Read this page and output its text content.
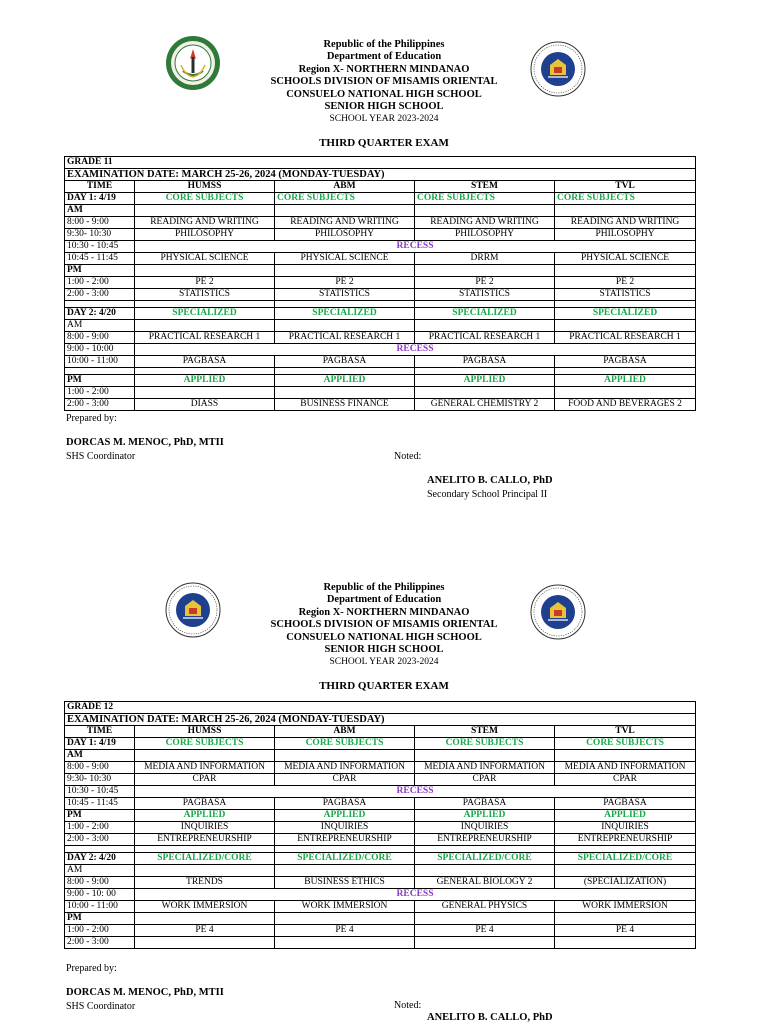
Republic of the Philippines
Department of Education
Region X- NORTHERN MINDANAO
SCHOOLS DIVISION OF MISAMIS ORIENTAL
CONSUELO NATIONAL HIGH SCHOOL
SENIOR HIGH SCHOOL
SCHOOL YEAR 2023-2024
THIRD QUARTER EXAM
GRADE 11				
EXAMINATION DATE: MARCH 25-26, 2024 (MONDAY-TUESDAY)				
TIME	HUMSS	ABM	STEM	TVL
DAY 1: 4/19	CORE SUBJECTS	CORE SUBJECTS	CORE SUBJECTS	CORE SUBJECTS
AM				
8:00 - 9:00	READING AND WRITING	READING AND WRITING	READING AND WRITING	READING AND WRITING
9:30- 10:30	PHILOSOPHY	PHILOSOPHY	PHILOSOPHY	PHILOSOPHY
10:30 - 10:45	RECESS			
10:45 - 11:45	PHYSICAL SCIENCE	PHYSICAL SCIENCE	DRRM	PHYSICAL SCIENCE
PM				
1:00 - 2:00	PE 2	PE 2	PE 2	PE 2
2:00 - 3:00	STATISTICS	STATISTICS	STATISTICS	STATISTICS

DAY 2: 4/20	SPECIALIZED	SPECIALIZED	SPECIALIZED	SPECIALIZED
AM				
8:00 - 9:00	PRACTICAL RESEARCH 1	PRACTICAL RESEARCH 1	PRACTICAL RESEARCH 1	PRACTICAL RESEARCH 1
9:00 - 10:00	RECESS			
10:00 - 11:00	PAGBASA	PAGBASA	PAGBASA	PAGBASA

PM	APPLIED	APPLIED	APPLIED	APPLIED
1:00 - 2:00				
2:00 - 3:00	DIASS	BUSINESS FINANCE	GENERAL CHEMISTRY 2	FOOD AND BEVERAGES 2
Prepared by:
DORCAS M. MENOC, PhD, MTII
SHS Coordinator	Noted:
ANELITO B. CALLO, PhD
Secondary School Principal II
Republic of the Philippines
Department of Education
Region X- NORTHERN MINDANAO
SCHOOLS DIVISION OF MISAMIS ORIENTAL
CONSUELO NATIONAL HIGH SCHOOL
SENIOR HIGH SCHOOL
SCHOOL YEAR 2023-2024
THIRD QUARTER EXAM
GRADE 12				
EXAMINATION DATE: MARCH 25-26, 2024 (MONDAY-TUESDAY)				
TIME	HUMSS	ABM	STEM	TVL
DAY 1: 4/19	CORE SUBJECTS	CORE SUBJECTS	CORE SUBJECTS	CORE SUBJECTS
AM				
8:00 - 9:00	MEDIA AND INFORMATION	MEDIA AND INFORMATION	MEDIA AND INFORMATION	MEDIA AND INFORMATION
9:30- 10:30	CPAR	CPAR	CPAR	CPAR
10:30 - 10:45	RECESS			
10:45 - 11:45	PAGBASA	PAGBASA	PAGBASA	PAGBASA
PM	APPLIED	APPLIED	APPLIED	APPLIED
1:00 - 2:00	INQUIRIES	INQUIRIES	INQUIRIES	INQUIRIES
2:00 - 3:00	ENTREPRENEURSHIP	ENTREPRENEURSHIP	ENTREPRENEURSHIP	ENTREPRENEURSHIP

DAY 2: 4/20	SPECIALIZED/CORE	SPECIALIZED/CORE	SPECIALIZED/CORE	SPECIALIZED/CORE
AM				
8:00 - 9:00	TRENDS	BUSINESS ETHICS	GENERAL BIOLOGY 2	(SPECIALIZATION)
9:00 - 10: 00	RECESS			
10:00 - 11:00	WORK IMMERSION	WORK IMMERSION	GENERAL PHYSICS	WORK IMMERSION
PM				
1:00 - 2:00	PE 4	PE 4	PE 4	PE 4
2:00 - 3:00				
Prepared by:
DORCAS M. MENOC, PhD, MTII
SHS Coordinator	Noted:
ANELITO B. CALLO, PhD
